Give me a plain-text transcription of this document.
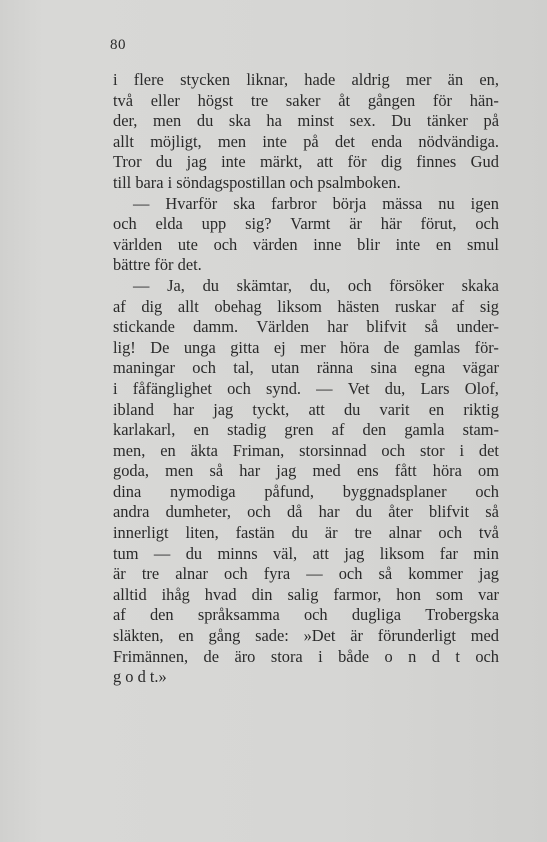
80
i flere stycken liknar, hade aldrig mer än en,
två eller högst tre saker åt gången för hän-
der, men du ska ha minst sex. Du tänker på
allt möjligt, men inte på det enda nödvändiga.
Tror du jag inte märkt, att för dig finnes Gud
till bara i söndagspostillan och psalmboken.
— Hvarför ska farbror börja mässa nu igen
och elda upp sig? Varmt är här förut, och
världen ute och värden inne blir inte en smul
bättre för det.
— Ja, du skämtar, du, och försöker skaka
af dig allt obehag liksom hästen ruskar af sig
stickande damm. Världen har blifvit så under-
lig! De unga gitta ej mer höra de gamlas för-
maningar och tal, utan ränna sina egna vägar
i fåfänglighet och synd. — Vet du, Lars Olof,
ibland har jag tyckt, att du varit en riktig
karlakarl, en stadig gren af den gamla stam-
men, en äkta Friman, storsinnad och stor i det
goda, men så har jag med ens fått höra om
dina nymodiga påfund, byggnadsplaner och
andra dumheter, och då har du åter blifvit så
innerligt liten, fastän du är tre alnar och två
tum — du minns väl, att jag liksom far min
är tre alnar och fyra — och så kommer jag
alltid ihåg hvad din salig farmor, hon som var
af den språksamma och dugliga Trobergska
släkten, en gång sade: »Det är förunderligt med
Frimännen, de äro stora i både o n d t och
g o d t.»
